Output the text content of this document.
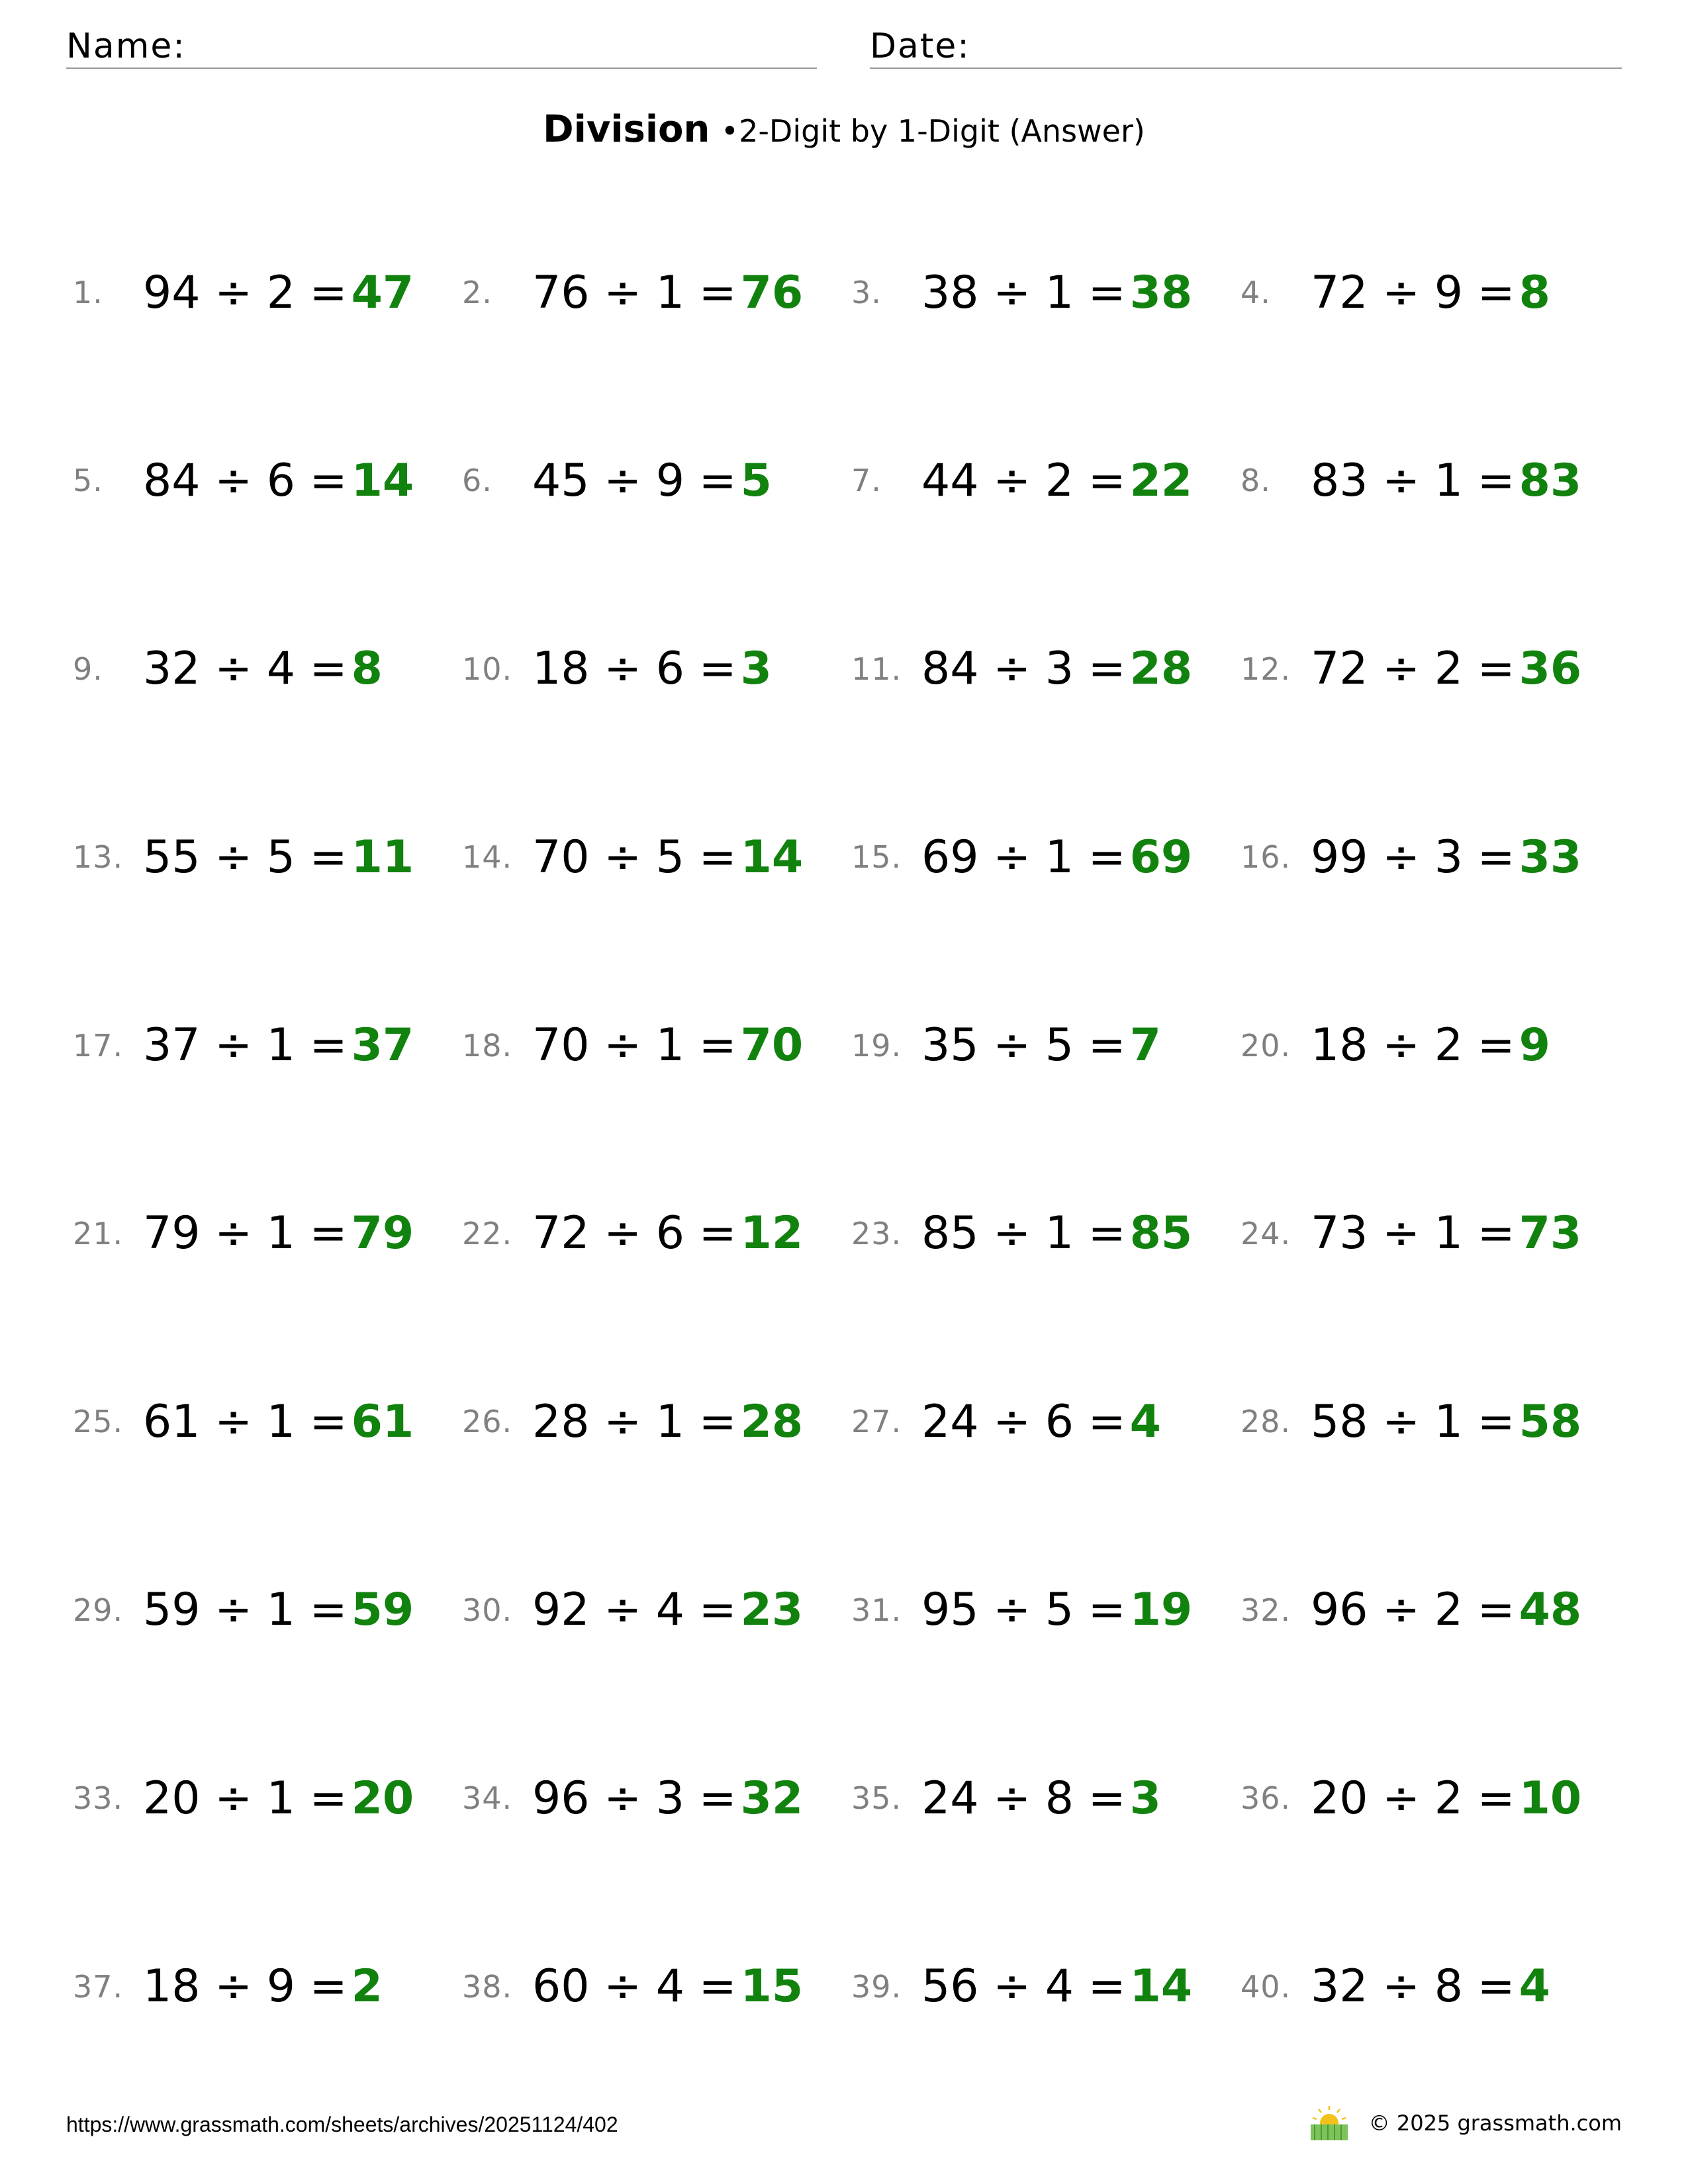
Name:	Date:
Division •2-Digit by 1-Digit (Answer)
1. 94 ÷ 2 = 47 2. 76 ÷ 1 = 76 3. 38 ÷ 1 = 38 4. 72 ÷ 9 = 8
5. 84 ÷ 6 = 14 6. 45 ÷ 9 = 5	7. 44 ÷ 2 = 22 8. 83 ÷ 1 = 83
9. 32 ÷ 4 = 8	10. 18 ÷ 6 = 3	11. 84 ÷ 3 = 28 12. 72 ÷ 2 = 36
13. 55 ÷ 5 = 11 14. 70 ÷ 5 = 14 15. 69 ÷ 1 = 69 16. 99 ÷ 3 = 33
17. 37 ÷ 1 = 37 18. 70 ÷ 1 = 70 19. 35 ÷ 5 = 7	20. 18 ÷ 2 = 9
21. 79 ÷ 1 = 79 22. 72 ÷ 6 = 12 23. 85 ÷ 1 = 85 24. 73 ÷ 1 = 73
25. 61 ÷ 1 = 61 26. 28 ÷ 1 = 28 27. 24 ÷ 6 = 4	28. 58 ÷ 1 = 58
29. 59 ÷ 1 = 59 30. 92 ÷ 4 = 23 31. 95 ÷ 5 = 19 32. 96 ÷ 2 = 48
33. 20 ÷ 1 = 20 34. 96 ÷ 3 = 32 35. 24 ÷ 8 = 3	36. 20 ÷ 2 = 10
37. 18 ÷ 9 = 2	38. 60 ÷ 4 = 15 39. 56 ÷ 4 = 14 40. 32 ÷ 8 = 4
https://www.grassmath.com/sheets/archives/20251124/402	© 2025 grassmath.com
